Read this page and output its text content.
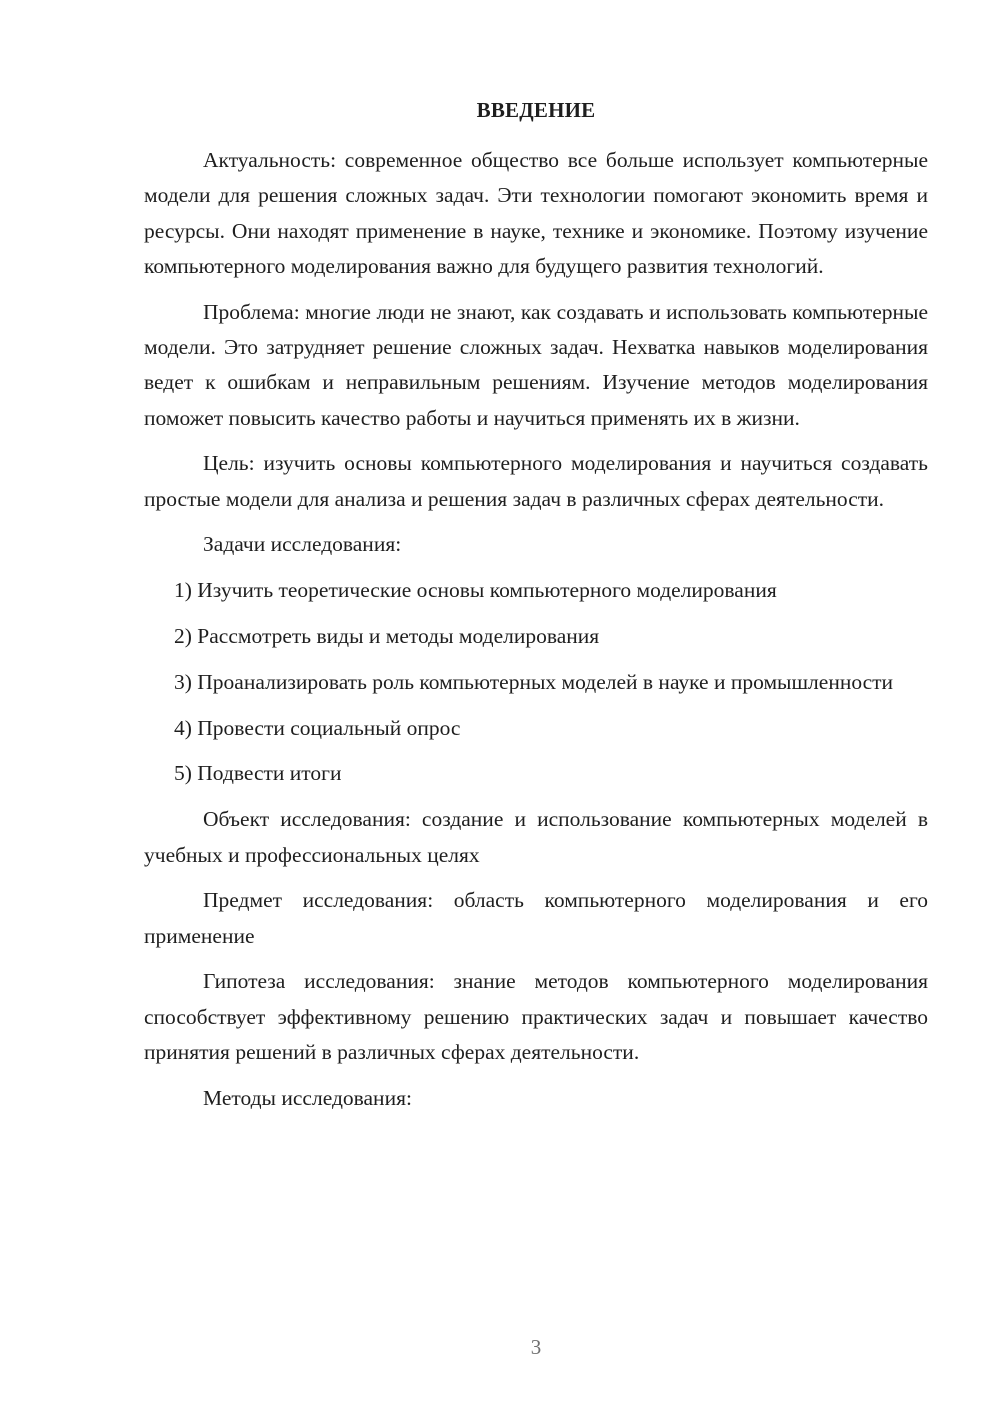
ВВЕДЕНИЕ

Актуальность: современное общество все больше использует компьютерные модели для решения сложных задач. Эти технологии помогают экономить время и ресурсы. Они находят применение в науке, технике и экономике. Поэтому изучение компьютерного моделирования важно для будущего развития технологий.

Проблема: многие люди не знают, как создавать и использовать компьютерные модели. Это затрудняет решение сложных задач. Нехватка навыков моделирования ведет к ошибкам и неправильным решениям. Изучение методов моделирования поможет повысить качество работы и научиться применять их в жизни.

Цель: изучить основы компьютерного моделирования и научиться создавать простые модели для анализа и решения задач в различных сферах деятельности.

Задачи исследования:

1) Изучить теоретические основы компьютерного моделирования

2) Рассмотреть виды и методы моделирования

3) Проанализировать роль компьютерных моделей в науке и промышленности

4) Провести социальный опрос

5) Подвести итоги

Объект исследования: создание и использование компьютерных моделей в учебных и профессиональных целях

Предмет исследования: область компьютерного моделирования и его применение

Гипотеза исследования: знание методов компьютерного моделирования способствует эффективному решению практических задач и повышает качество принятия решений в различных сферах деятельности.

Методы исследования:

3
